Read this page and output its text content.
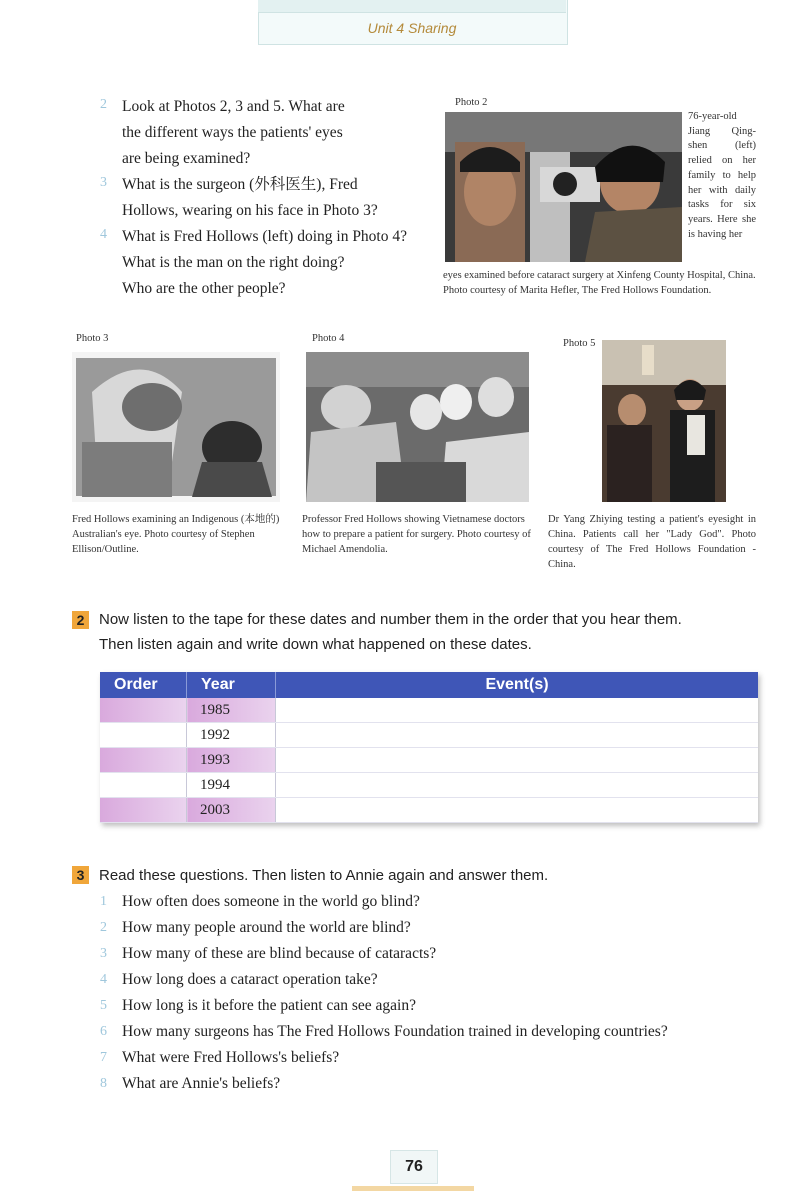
Unit 4 Sharing
2 Look at Photos 2, 3 and 5. What are
the different ways the patients' eyes
are being examined?
3 What is the surgeon (外科医生), Fred
Hollows, wearing on his face in Photo 3?
4 What is Fred Hollows (left) doing in Photo 4?
What is the man on the right doing?
Who are the other people?
Photo 2
76-year-old Jiang Qing-shen (left) relied on her family to help her with daily tasks for six years. Here she is having her
eyes examined before cataract surgery at Xinfeng County Hospital, China. Photo courtesy of Marita Hefler, The Fred Hollows Foundation.
Photo 3
Fred Hollows examining an Indigenous (本地的) Australian's eye. Photo courtesy of Stephen Ellison/Outline.
Photo 4
Professor Fred Hollows showing Vietnamese doctors how to prepare a patient for surgery. Photo courtesy of Michael Amendolia.
Photo 5
Dr Yang Zhiying testing a patient's eyesight in China. Patients call her "Lady God". Photo courtesy of The Fred Hollows Foundation - China.
2 Now listen to the tape for these dates and number them in the order that you hear them.
Then listen again and write down what happened on these dates.
Order	Year	Event(s)
	1985	
	1992	
	1993	
	1994	
	2003	
3 Read these questions. Then listen to Annie again and answer them.
1 How often does someone in the world go blind?
2 How many people around the world are blind?
3 How many of these are blind because of cataracts?
4 How long does a cataract operation take?
5 How long is it before the patient can see again?
6 How many surgeons has The Fred Hollows Foundation trained in developing countries?
7 What were Fred Hollows's beliefs?
8 What are Annie's beliefs?
76
